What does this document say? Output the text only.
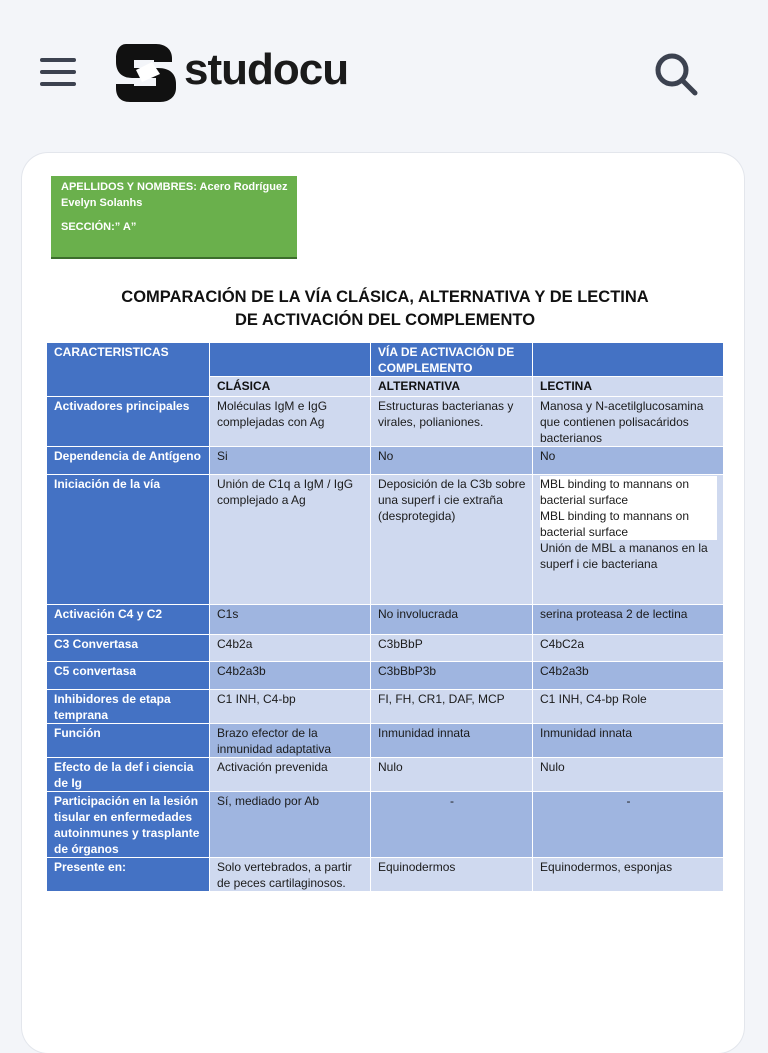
studocu
APELLIDOS Y NOMBRES: Acero Rodríguez Evelyn Solanhs
SECCIÓN:” A”
COMPARACIÓN DE LA VÍA CLÁSICA, ALTERNATIVA Y DE LECTINA
DE ACTIVACIÓN DEL COMPLEMENTO
CARACTERISTICAS		VÍA DE ACTIVACIÓN DE COMPLEMENTO	
	CLÁSICA	ALTERNATIVA	LECTINA
Activadores principales	Moléculas IgM e IgG complejadas con Ag	Estructuras bacterianas y virales, polianiones.	Manosa y N-acetilglucosamina que contienen polisacáridos bacterianos
Dependencia de Antígeno	Si	No	No
Iniciación de la vía	Unión de C1q a IgM / IgG complejado a Ag	Deposición de la C3b sobre una superf i cie extraña (desprotegida)	MBL binding to mannans on bacterial surface
MBL binding to mannans on bacterial surface
Unión de MBL a mananos en la superf i cie bacteriana
Activación C4 y C2	C1s	No involucrada	serina proteasa 2 de lectina
C3 Convertasa	C4b2a	C3bBbP	C4bC2a
C5 convertasa	C4b2a3b	C3bBbP3b	C4b2a3b
Inhibidores de etapa temprana	C1 INH, C4-bp	FI, FH, CR1, DAF, MCP	C1 INH, C4-bp Role
Función	Brazo efector de la inmunidad adaptativa	Inmunidad innata	Inmunidad innata
Efecto de la def i ciencia de Ig	Activación prevenida	Nulo	Nulo
Participación en la lesión tisular en enfermedades autoinmunes y trasplante de órganos	Sí, mediado por Ab	-	-
Presente en:	Solo vertebrados, a partir de peces cartilaginosos.	Equinodermos	Equinodermos, esponjas
